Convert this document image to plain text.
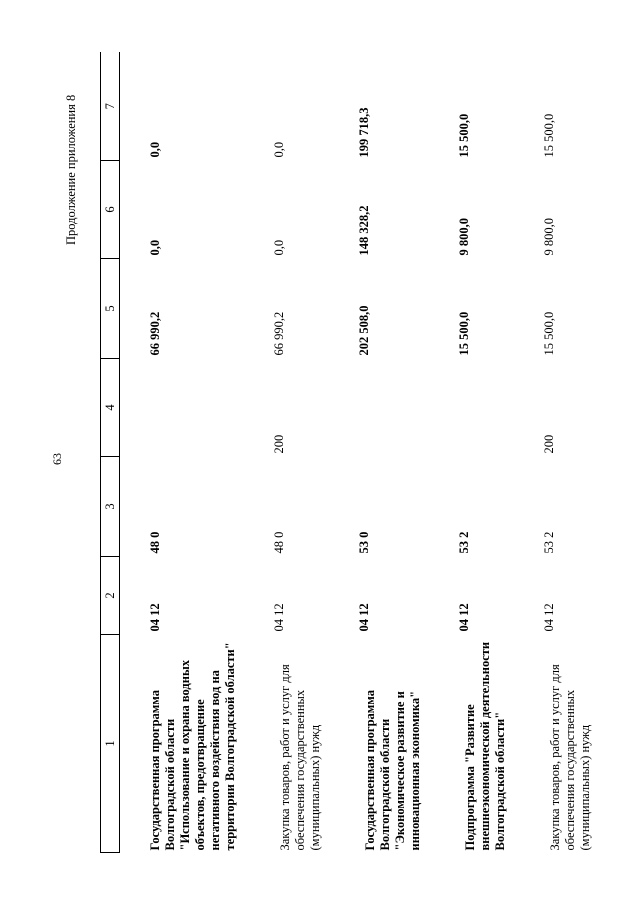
63
Продолжение приложения 8
1	2	3	4	5	6	7
Государственная программа Волгоградской области "Использование и охрана водных объектов, предотвращение негативного воздействия вод на территории Волгоградской области"	04 12	48 0		66 990,2	0,0	0,0
Закупка товаров, работ и услуг для обеспечения государственных (муниципальных) нужд	04 12	48 0	200	66 990,2	0,0	0,0
Государственная программа Волгоградской области "Экономическое развитие и инновационная экономика"	04 12	53 0		202 508,0	148 328,2	199 718,3
Подпрограмма "Развитие внешнеэкономической деятельности Волгоградской области"	04 12	53 2		15 500,0	9 800,0	15 500,0
Закупка товаров, работ и услуг для обеспечения государственных (муниципальных) нужд	04 12	53 2	200	15 500,0	9 800,0	15 500,0
